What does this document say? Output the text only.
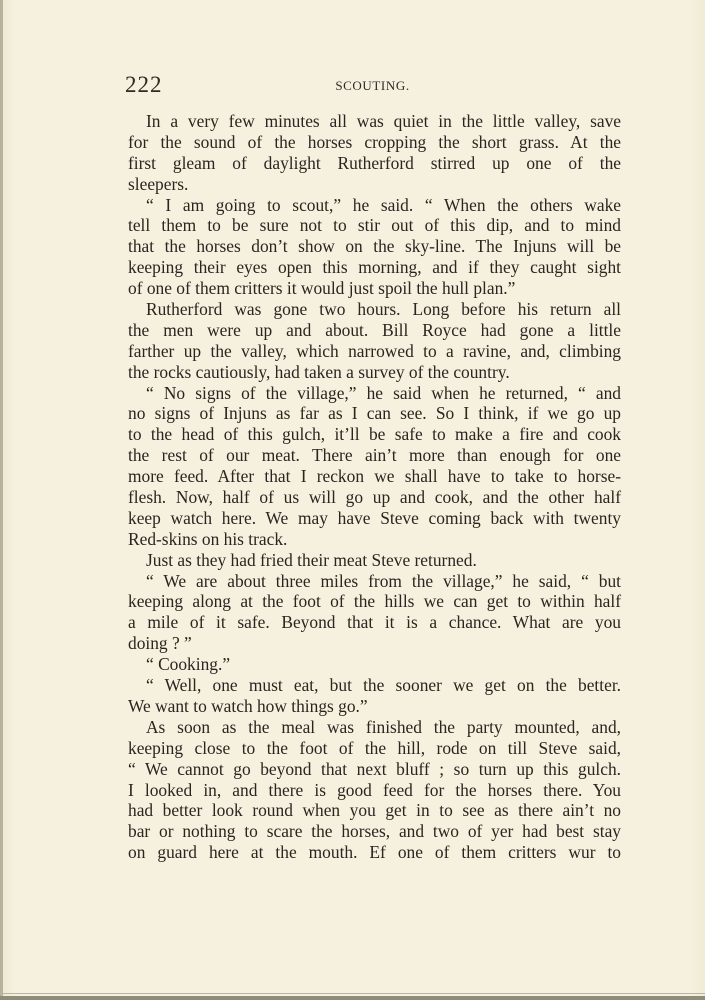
222	SCOUTING.
In a very few minutes all was quiet in the little valley, save
for the sound of the horses cropping the short grass. At the
first gleam of daylight Rutherford stirred up one of the
sleepers.
“ I am going to scout,” he said. “ When the others wake
tell them to be sure not to stir out of this dip, and to mind
that the horses don’t show on the sky-line. The Injuns will be
keeping their eyes open this morning, and if they caught sight
of one of them critters it would just spoil the hull plan.”
Rutherford was gone two hours. Long before his return all
the men were up and about. Bill Royce had gone a little
farther up the valley, which narrowed to a ravine, and, climbing
the rocks cautiously, had taken a survey of the country.
“ No signs of the village,” he said when he returned, “ and
no signs of Injuns as far as I can see. So I think, if we go up
to the head of this gulch, it’ll be safe to make a fire and cook
the rest of our meat. There ain’t more than enough for one
more feed. After that I reckon we shall have to take to horse-
flesh. Now, half of us will go up and cook, and the other half
keep watch here. We may have Steve coming back with twenty
Red-skins on his track.
Just as they had fried their meat Steve returned.
“ We are about three miles from the village,” he said, “ but
keeping along at the foot of the hills we can get to within half
a mile of it safe. Beyond that it is a chance. What are you
doing ? ”
“ Cooking.”
“ Well, one must eat, but the sooner we get on the better.
We want to watch how things go.”
As soon as the meal was finished the party mounted, and,
keeping close to the foot of the hill, rode on till Steve said,
“ We cannot go beyond that next bluff ; so turn up this gulch.
I looked in, and there is good feed for the horses there. You
had better look round when you get in to see as there ain’t no
bar or nothing to scare the horses, and two of yer had best stay
on guard here at the mouth. Ef one of them critters wur to
